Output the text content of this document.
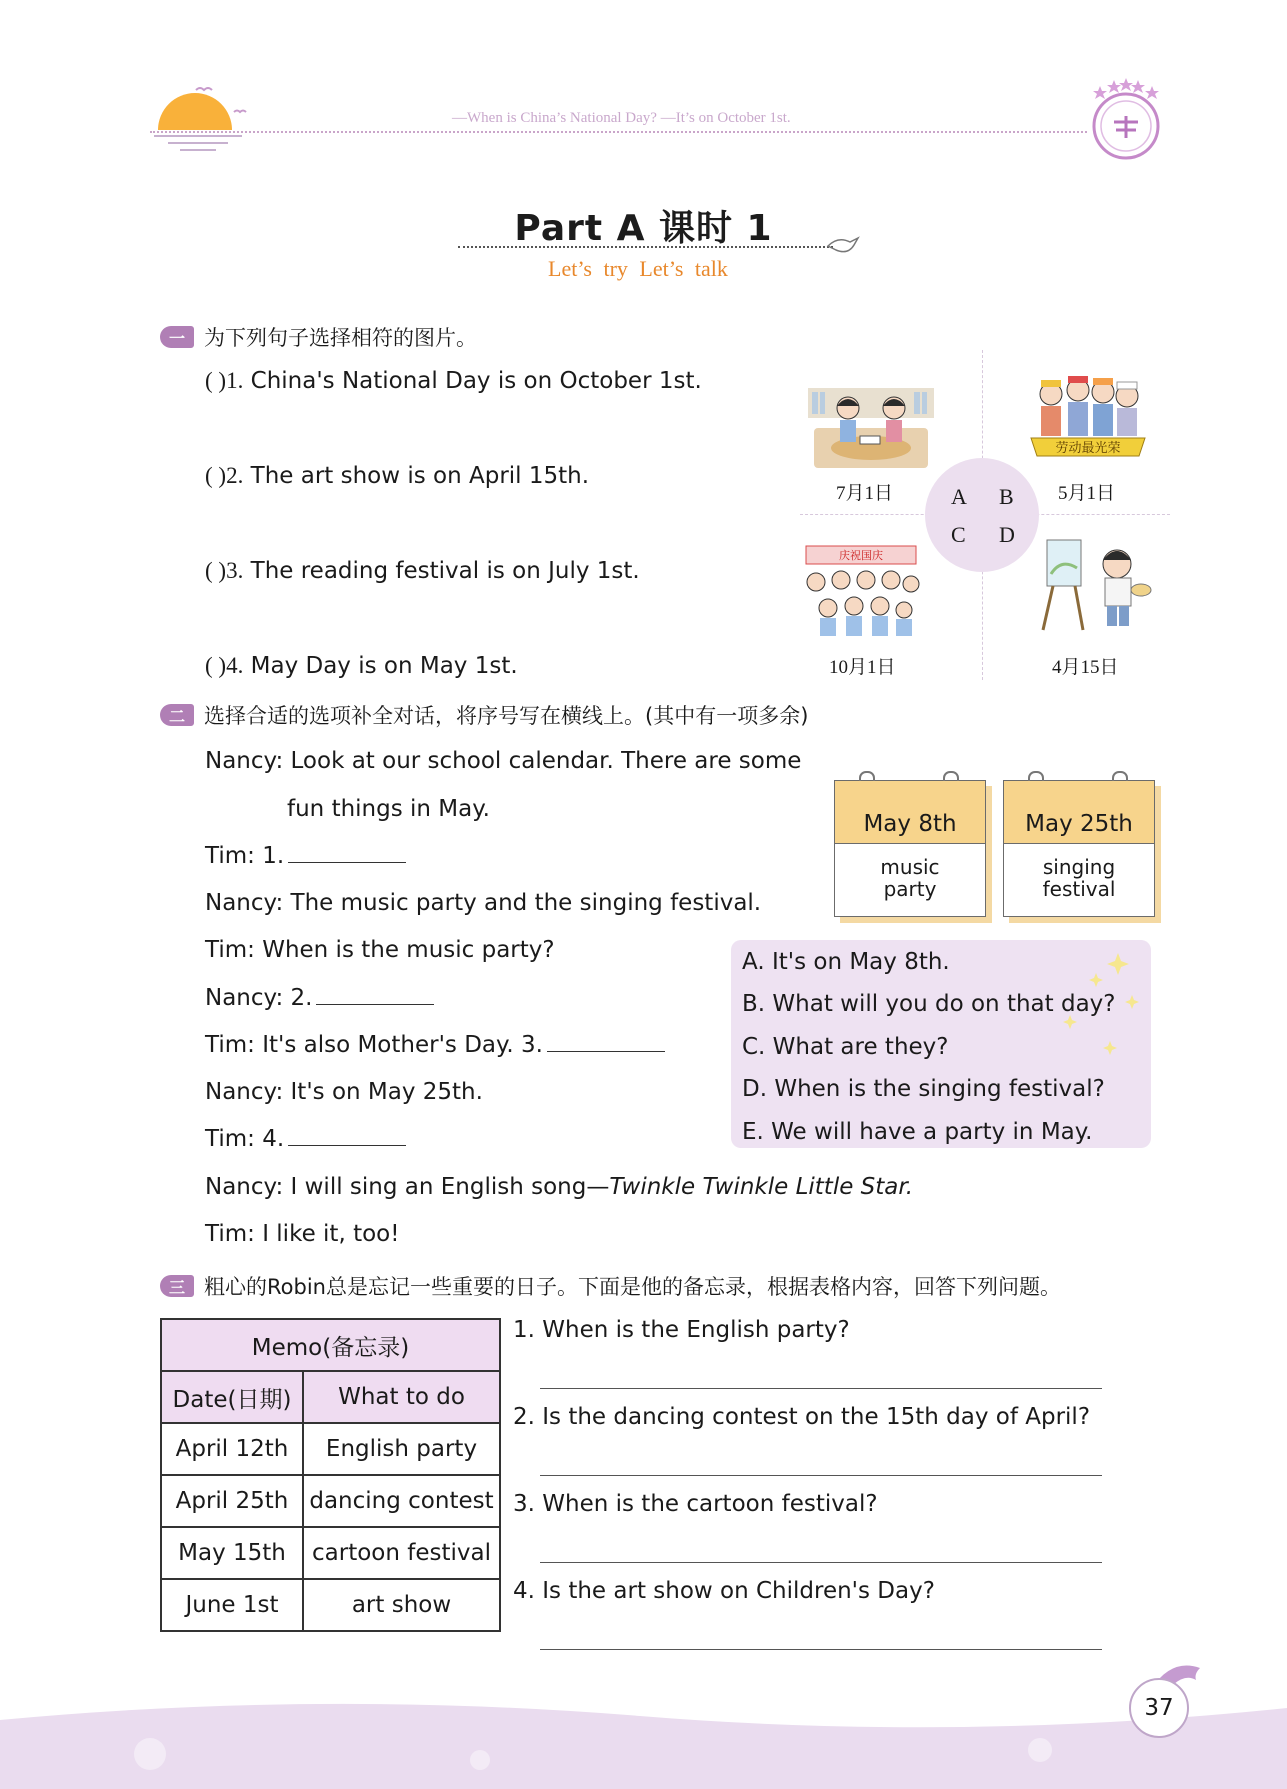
—When is China’s National Day? —It’s on October 1st.
Part A 课时 1
Let’s try Let’s talk
一 为下列句子选择相符的图片。
( )1. China's National Day is on October 1st.
( )2. The art show is on April 15th.
( )3. The reading festival is on July 1st.
( )4. May Day is on May 1st.
A B
C D
7月1日
劳动最光荣
5月1日
庆祝国庆
10月1日	4月15日
二 选择合适的选项补全对话，将序号写在横线上。(其中有一项多余)
Nancy: Look at our school calendar. There are some
fun things in May.
Tim: 1.
Nancy: The music party and the singing festival.
Tim: When is the music party?
Nancy: 2.
Tim: It's also Mother's Day. 3.
Nancy: It's on May 25th.
Tim: 4.
Nancy: I will sing an English song—Twinkle Twinkle Little Star.
Tim: I like it, too!
May 8th
music
party
May 25th
singing
festival
A. It's on May 8th.
B. What will you do on that day?
C. What are they?
D. When is the singing festival?
E. We will have a party in May.
三 粗心的Robin总是忘记一些重要的日子。下面是他的备忘录，根据表格内容，回答下列问题。
Memo(备忘录)	
Date(日期)	What to do
April 12th	English party
April 25th	dancing contest
May 15th	cartoon festival
June 1st	art show
1. When is the English party?
2. Is the dancing contest on the 15th day of April?
3. When is the cartoon festival?
4. Is the art show on Children's Day?
37
